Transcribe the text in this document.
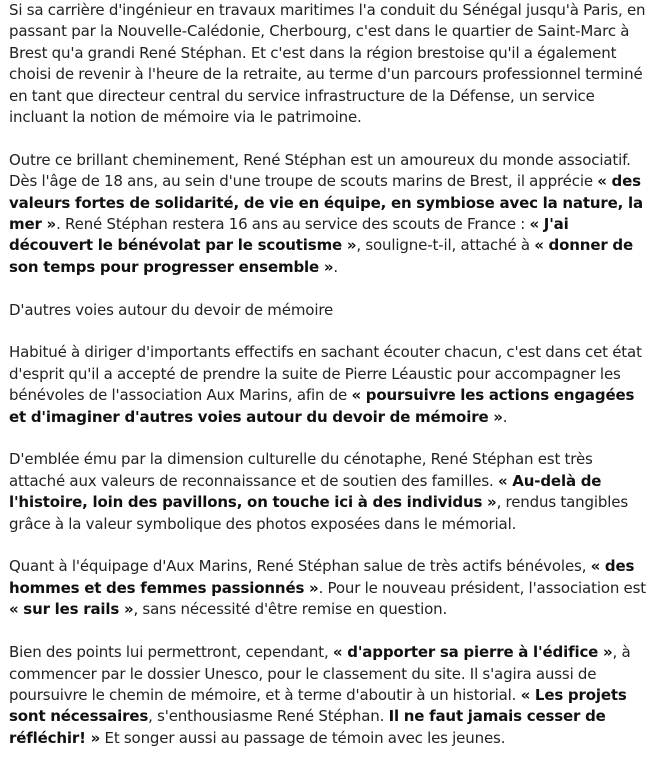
Si sa carrière d'ingénieur en travaux maritimes l'a conduit du Sénégal jusqu'à Paris, en passant par la Nouvelle-Calédonie, Cherbourg, c'est dans le quartier de Saint-Marc à Brest qu'a grandi René Stéphan. Et c'est dans la région brestoise qu'il a également choisi de revenir à l'heure de la retraite, au terme d'un parcours professionnel terminé en tant que directeur central du service infrastructure de la Défense, un service incluant la notion de mémoire via le patrimoine.

Outre ce brillant cheminement, René Stéphan est un amoureux du monde associatif. Dès l'âge de 18 ans, au sein d'une troupe de scouts marins de Brest, il apprécie « des valeurs fortes de solidarité, de vie en équipe, en symbiose avec la nature, la mer ». René Stéphan restera 16 ans au service des scouts de France : « J'ai découvert le bénévolat par le scoutisme », souligne-t-il, attaché à « donner de son temps pour progresser ensemble ».

D'autres voies autour du devoir de mémoire

Habitué à diriger d'importants effectifs en sachant écouter chacun, c'est dans cet état d'esprit qu'il a accepté de prendre la suite de Pierre Léaustic pour accompagner les bénévoles de l'association Aux Marins, afin de « poursuivre les actions engagées et d'imaginer d'autres voies autour du devoir de mémoire ».

D'emblée ému par la dimension culturelle du cénotaphe, René Stéphan est très attaché aux valeurs de reconnaissance et de soutien des familles. « Au-delà de l'histoire, loin des pavillons, on touche ici à des individus », rendus tangibles grâce à la valeur symbolique des photos exposées dans le mémorial.

Quant à l'équipage d'Aux Marins, René Stéphan salue de très actifs bénévoles, « des hommes et des femmes passionnés ». Pour le nouveau président, l'association est « sur les rails », sans nécessité d'être remise en question.

Bien des points lui permettront, cependant, « d'apporter sa pierre à l'édifice », à commencer par le dossier Unesco, pour le classement du site. Il s'agira aussi de poursuivre le chemin de mémoire, et à terme d'aboutir à un historial. « Les projets sont nécessaires, s'enthousiasme René Stéphan. Il ne faut jamais cesser de réfléchir! » Et songer aussi au passage de témoin avec les jeunes.
